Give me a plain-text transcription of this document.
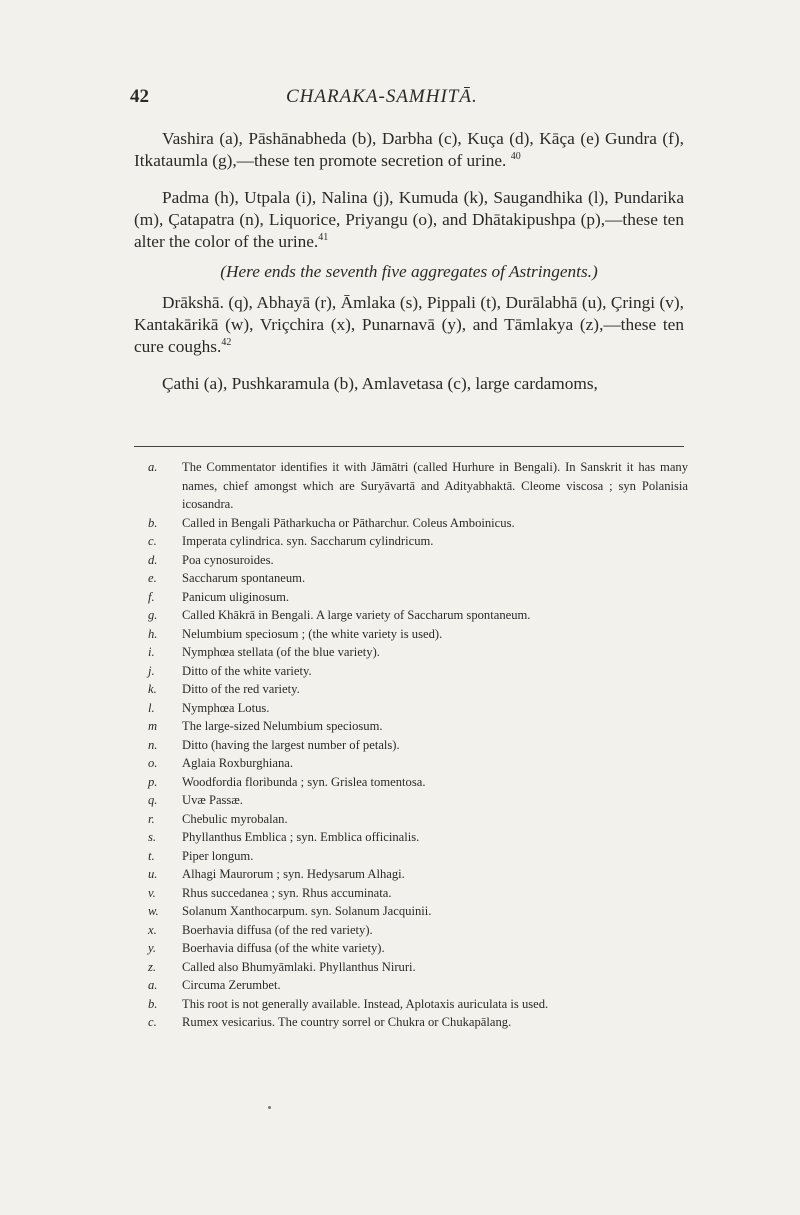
42	CHARAKA-SAMHITĀ.

Vashira (a), Pāshānabheda (b), Darbha (c), Kuça (d), Kāça (e) Gundra (f), Itkataumla (g),—these ten promote secretion of urine. $^{40}$

Padma (h), Utpala (i), Nalina (j), Kumuda (k), Saugandhika (l), Pundarika (m), Çatapatra (n), Liquorice, Priyangu (o), and Dhātakipushpa (p),—these ten alter the color of the urine.$^{41}$

(Here ends the seventh five aggregates of Astringents.)

Drākshā. (q), Abhayā (r), Āmlaka (s), Pippali (t), Durālabhā (u), Çringi (v), Kantakārikā (w), Vriçchira (x), Punarnavā (y), and Tāmlakya (z),—these ten cure coughs.$^{42}$

Çathi (a), Pushkaramula (b), Amlavetasa (c), large cardamoms,

a.	The Commentator identifies it with Jāmātri (called Hurhure in Bengali). In Sanskrit it has many names, chief amongst which are Suryāvartā and Adityabhaktā. Cleome viscosa ; syn Polanisia icosandra.
b.	Called in Bengali Pātharkucha or Pātharchur. Coleus Amboinicus.
c.	Imperata cylindrica. syn. Saccharum cylindricum.
d.	Poa cynosuroides.
e.	Saccharum spontaneum.
f.	Panicum uliginosum.
g.	Called Khākrā in Bengali. A large variety of Saccharum spontaneum.
h.	Nelumbium speciosum ; (the white variety is used).
i.	Nymphœa stellata (of the blue variety).
j.	Ditto of the white variety.
k.	Ditto of the red variety.
l.	Nymphœa Lotus.
m	The large-sized Nelumbium speciosum.
n.	Ditto (having the largest number of petals).
o.	Aglaia Roxburghiana.
p.	Woodfordia floribunda ; syn. Grislea tomentosa.
q.	Uvæ Passæ.
r.	Chebulic myrobalan.
s.	Phyllanthus Emblica ; syn. Emblica officinalis.
t.	Piper longum.
u.	Alhagi Maurorum ; syn. Hedysarum Alhagi.
v.	Rhus succedanea ; syn. Rhus accuminata.
w.	Solanum Xanthocarpum. syn. Solanum Jacquinii.
x.	Boerhavia diffusa (of the red variety).
y.	Boerhavia diffusa (of the white variety).
z.	Called also Bhumyāmlaki. Phyllanthus Niruri.
a.	Circuma Zerumbet.
b.	This root is not generally available. Instead, Aplotaxis auriculata is used.
c.	Rumex vesicarius. The country sorrel or Chukra or Chukapālang.
